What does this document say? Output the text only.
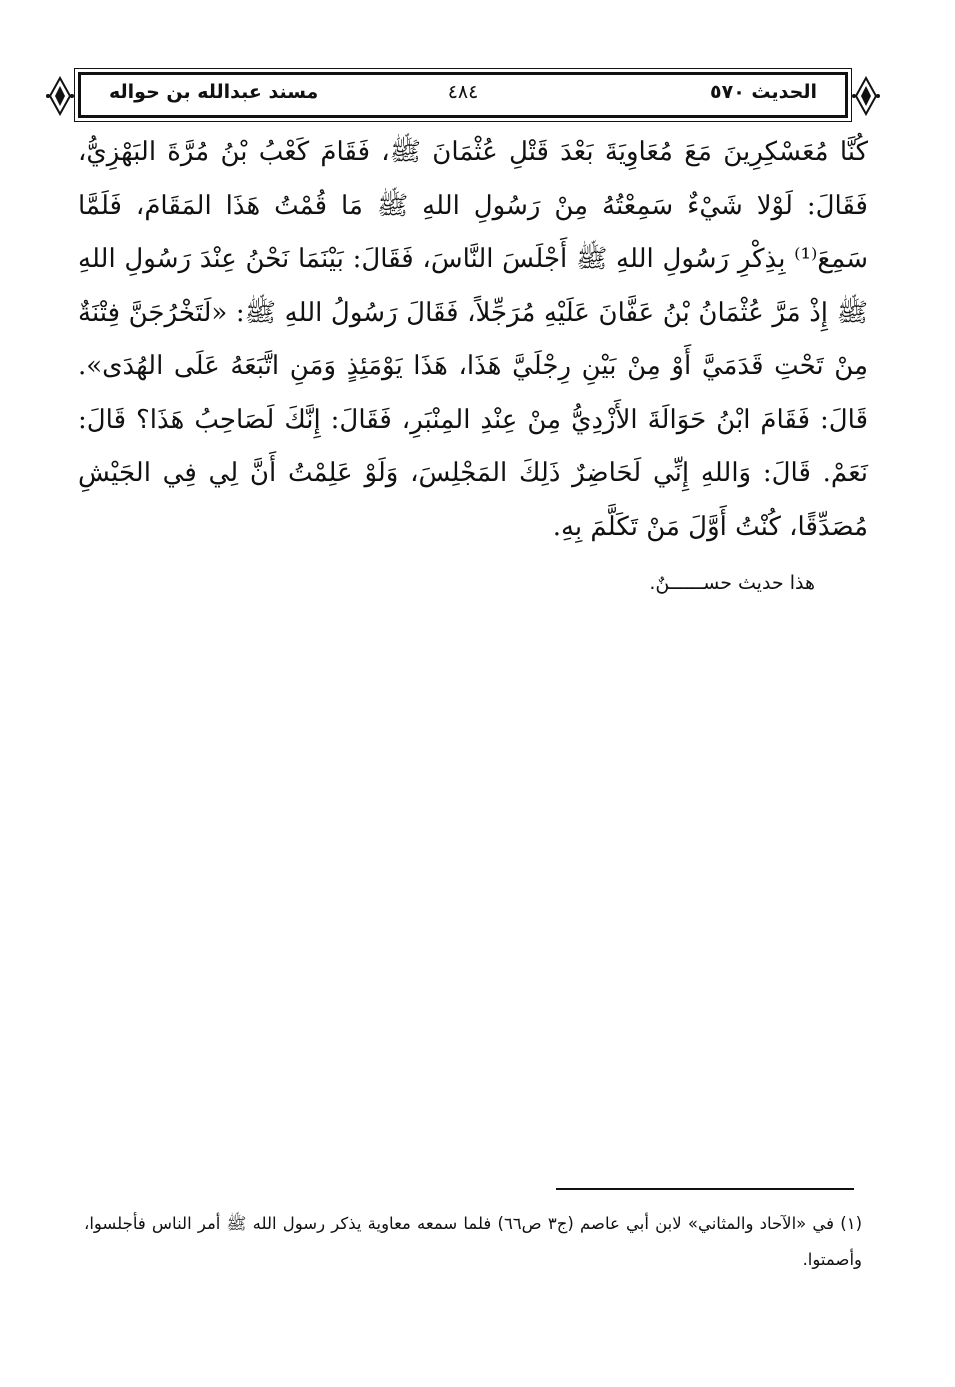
الحديث ٥٧٠
٤٨٤
مسند عبدالله بن حواله

كُنَّا مُعَسْكِرِينَ مَعَ مُعَاوِيَةَ بَعْدَ قَتْلِ عُثْمَانَ ﷺ، فَقَامَ كَعْبُ بْنُ مُرَّةَ البَهْزِيُّ، فَقَالَ: لَوْلا شَيْءٌ سَمِعْتُهُ مِنْ رَسُولِ اللهِ ﷺ مَا قُمْتُ هَذَا المَقَامَ، فَلَمَّا سَمِعَ⁽¹⁾ بِذِكْرِ رَسُولِ اللهِ ﷺ أَجْلَسَ النَّاسَ، فَقَالَ: بَيْنَمَا نَحْنُ عِنْدَ رَسُولِ اللهِ ﷺ إِذْ مَرَّ عُثْمَانُ بْنُ عَفَّانَ عَلَيْهِ مُرَجِّلاً، فَقَالَ رَسُولُ اللهِ ﷺ: «لَتَخْرُجَنَّ فِتْنَةٌ مِنْ تَحْتِ قَدَمَيَّ أَوْ مِنْ بَيْنِ رِجْلَيَّ هَذَا، هَذَا يَوْمَئِذٍ وَمَنِ اتَّبَعَهُ عَلَى الهُدَى». قَالَ: فَقَامَ ابْنُ حَوَالَةَ الأَزْدِيُّ مِنْ عِنْدِ المِنْبَرِ، فَقَالَ: إِنَّكَ لَصَاحِبُ هَذَا؟ قَالَ: نَعَمْ. قَالَ: وَاللهِ إِنِّي لَحَاضِرٌ ذَلِكَ المَجْلِسَ، وَلَوْ عَلِمْتُ أَنَّ لِي فِي الجَيْشِ مُصَدِّقًا، كُنْتُ أَوَّلَ مَنْ تَكَلَّمَ بِهِ.

هذا حديث حســــــنٌ.

(١) في «الآحاد والمثاني» لابن أبي عاصم (ج٣ ص٦٦) فلما سمعه معاوية يذكر رسول الله ﷺ أمر الناس فأجلسوا، وأصمتوا.
